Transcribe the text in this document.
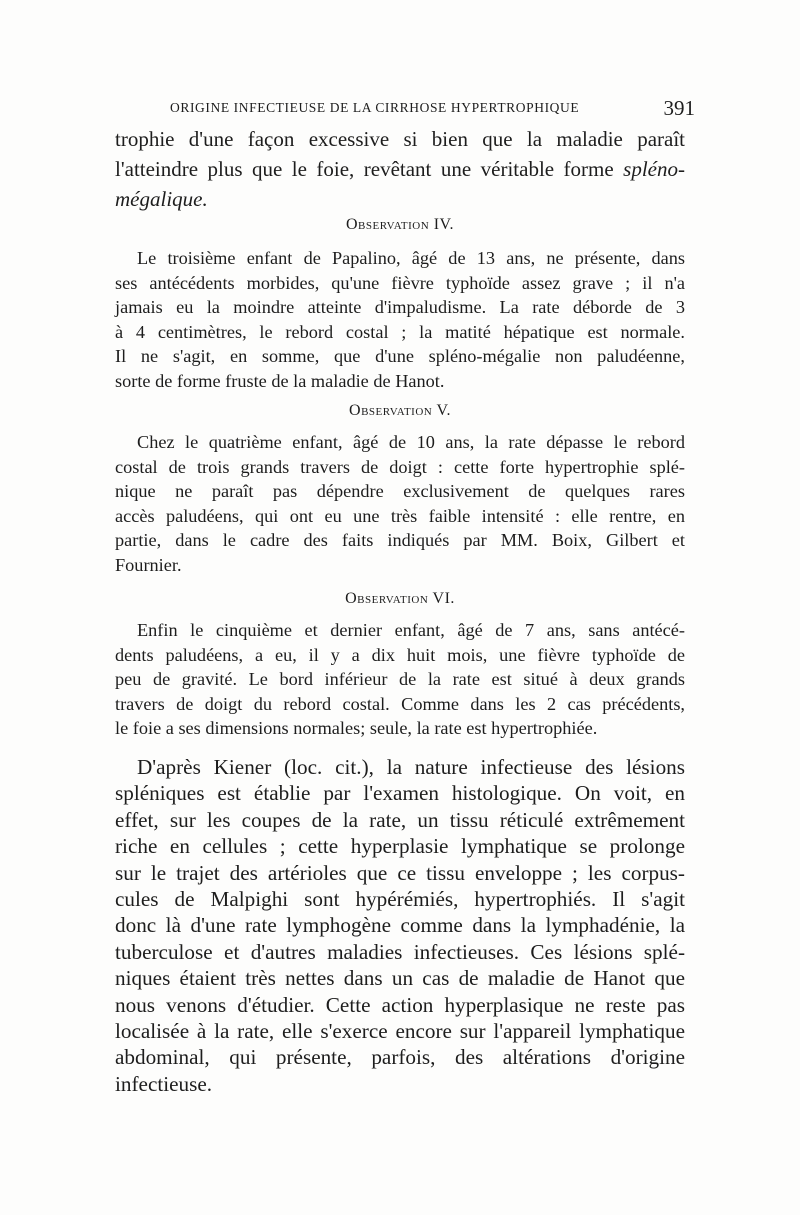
ORIGINE INFECTIEUSE DE LA CIRRHOSE HYPERTROPHIQUE	391
trophie d'une façon excessive si bien que la maladie paraît
l'atteindre plus que le foie, revêtant une véritable forme spléno-
mégalique.
Observation IV.
Le troisième enfant de Papalino, âgé de 13 ans, ne présente, dans
ses antécédents morbides, qu'une fièvre typhoïde assez grave ; il n'a
jamais eu la moindre atteinte d'impaludisme. La rate déborde de 3
à 4 centimètres, le rebord costal ; la matité hépatique est normale.
Il ne s'agit, en somme, que d'une spléno-mégalie non paludéenne,
sorte de forme fruste de la maladie de Hanot.
Observation V.
Chez le quatrième enfant, âgé de 10 ans, la rate dépasse le rebord
costal de trois grands travers de doigt : cette forte hypertrophie splé-
nique ne paraît pas dépendre exclusivement de quelques rares
accès paludéens, qui ont eu une très faible intensité : elle rentre, en
partie, dans le cadre des faits indiqués par MM. Boix, Gilbert et
Fournier.
Observation VI.
Enfin le cinquième et dernier enfant, âgé de 7 ans, sans antécé-
dents paludéens, a eu, il y a dix huit mois, une fièvre typhoïde de
peu de gravité. Le bord inférieur de la rate est situé à deux grands
travers de doigt du rebord costal. Comme dans les 2 cas précédents,
le foie a ses dimensions normales; seule, la rate est hypertrophiée.
D'après Kiener (loc. cit.), la nature infectieuse des lésions
spléniques est établie par l'examen histologique. On voit, en
effet, sur les coupes de la rate, un tissu réticulé extrêmement
riche en cellules ; cette hyperplasie lymphatique se prolonge
sur le trajet des artérioles que ce tissu enveloppe ; les corpus-
cules de Malpighi sont hypérémiés, hypertrophiés. Il s'agit
donc là d'une rate lymphogène comme dans la lymphadénie, la
tuberculose et d'autres maladies infectieuses. Ces lésions splé-
niques étaient très nettes dans un cas de maladie de Hanot que
nous venons d'étudier. Cette action hyperplasique ne reste pas
localisée à la rate, elle s'exerce encore sur l'appareil lymphatique
abdominal, qui présente, parfois, des altérations d'origine
infectieuse.
